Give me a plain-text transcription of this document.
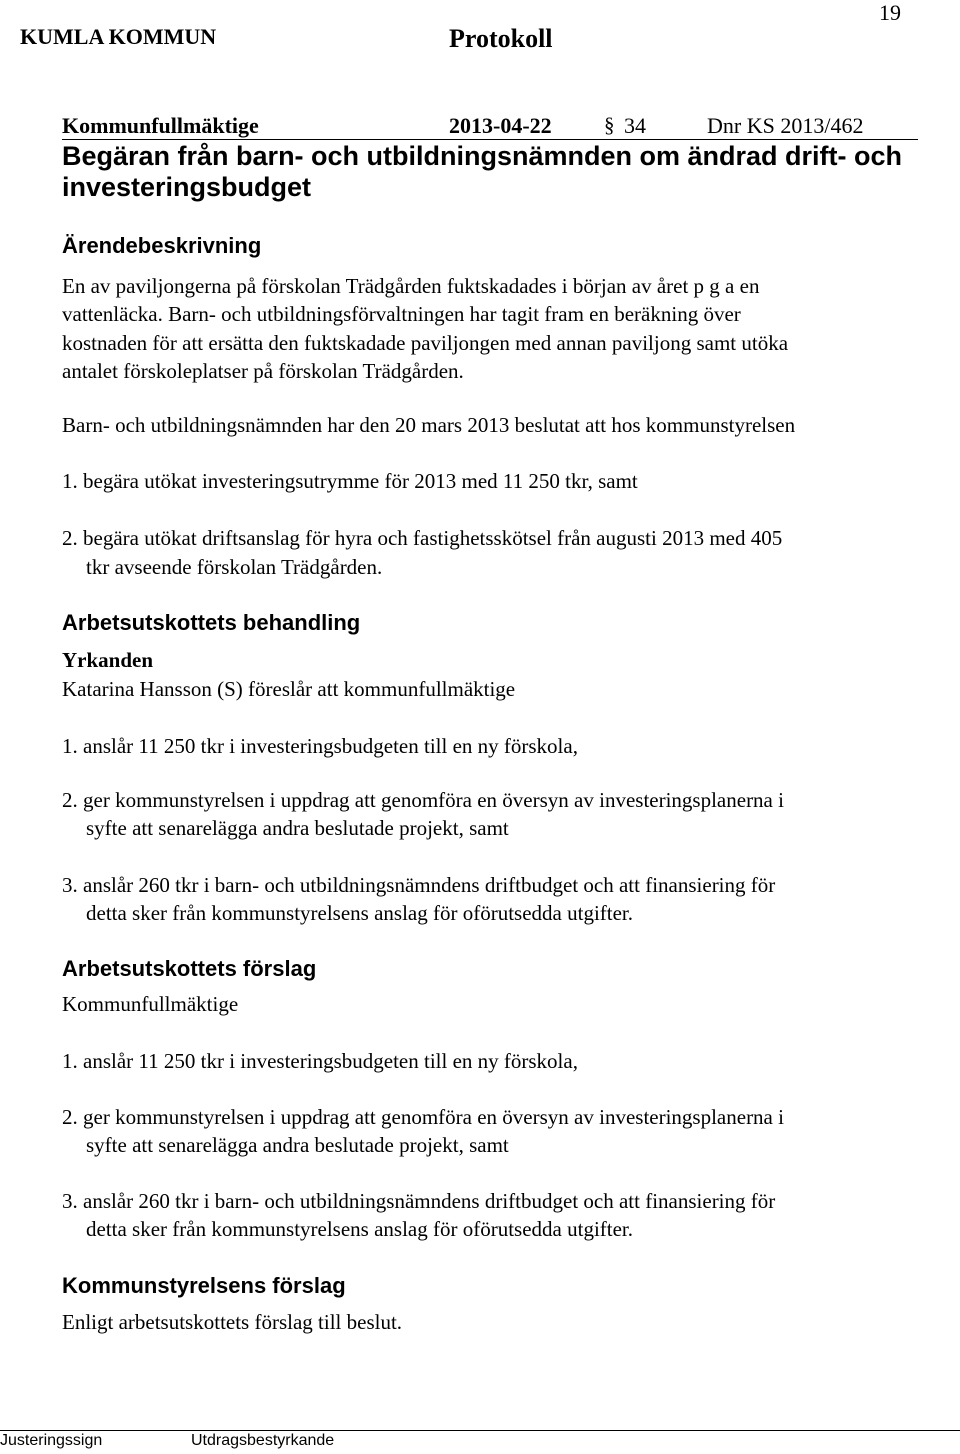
19
KUMLA KOMMUN	Protokoll
Kommunfullmäktige	2013-04-22 § 34	Dnr KS 2013/462
Begäran från barn- och utbildningsnämnden om ändrad drift- och investeringsbudget
Ärendebeskrivning
En av paviljongerna på förskolan Trädgården fuktskadades i början av året p g a en
vattenläcka. Barn- och utbildningsförvaltningen har tagit fram en beräkning över
kostnaden för att ersätta den fuktskadade paviljongen med annan paviljong samt utöka
antalet förskoleplatser på förskolan Trädgården.
Barn- och utbildningsnämnden har den 20 mars 2013 beslutat att hos kommunstyrelsen
1. begära utökat investeringsutrymme för 2013 med 11 250 tkr, samt
2. begära utökat driftsanslag för hyra och fastighetsskötsel från augusti 2013 med 405
tkr avseende förskolan Trädgården.
Arbetsutskottets behandling
Yrkanden
Katarina Hansson (S) föreslår att kommunfullmäktige
1. anslår 11 250 tkr i investeringsbudgeten till en ny förskola,
2. ger kommunstyrelsen i uppdrag att genomföra en översyn av investeringsplanerna i
syfte att senarelägga andra beslutade projekt, samt
3. anslår 260 tkr i barn- och utbildningsnämndens driftbudget och att finansiering för
detta sker från kommunstyrelsens anslag för oförutsedda utgifter.
Arbetsutskottets förslag
Kommunfullmäktige
1. anslår 11 250 tkr i investeringsbudgeten till en ny förskola,
2. ger kommunstyrelsen i uppdrag att genomföra en översyn av investeringsplanerna i
syfte att senarelägga andra beslutade projekt, samt
3. anslår 260 tkr i barn- och utbildningsnämndens driftbudget och att finansiering för
detta sker från kommunstyrelsens anslag för oförutsedda utgifter.
Kommunstyrelsens förslag
Enligt arbetsutskottets förslag till beslut.
Justeringssign	Utdragsbestyrkande
